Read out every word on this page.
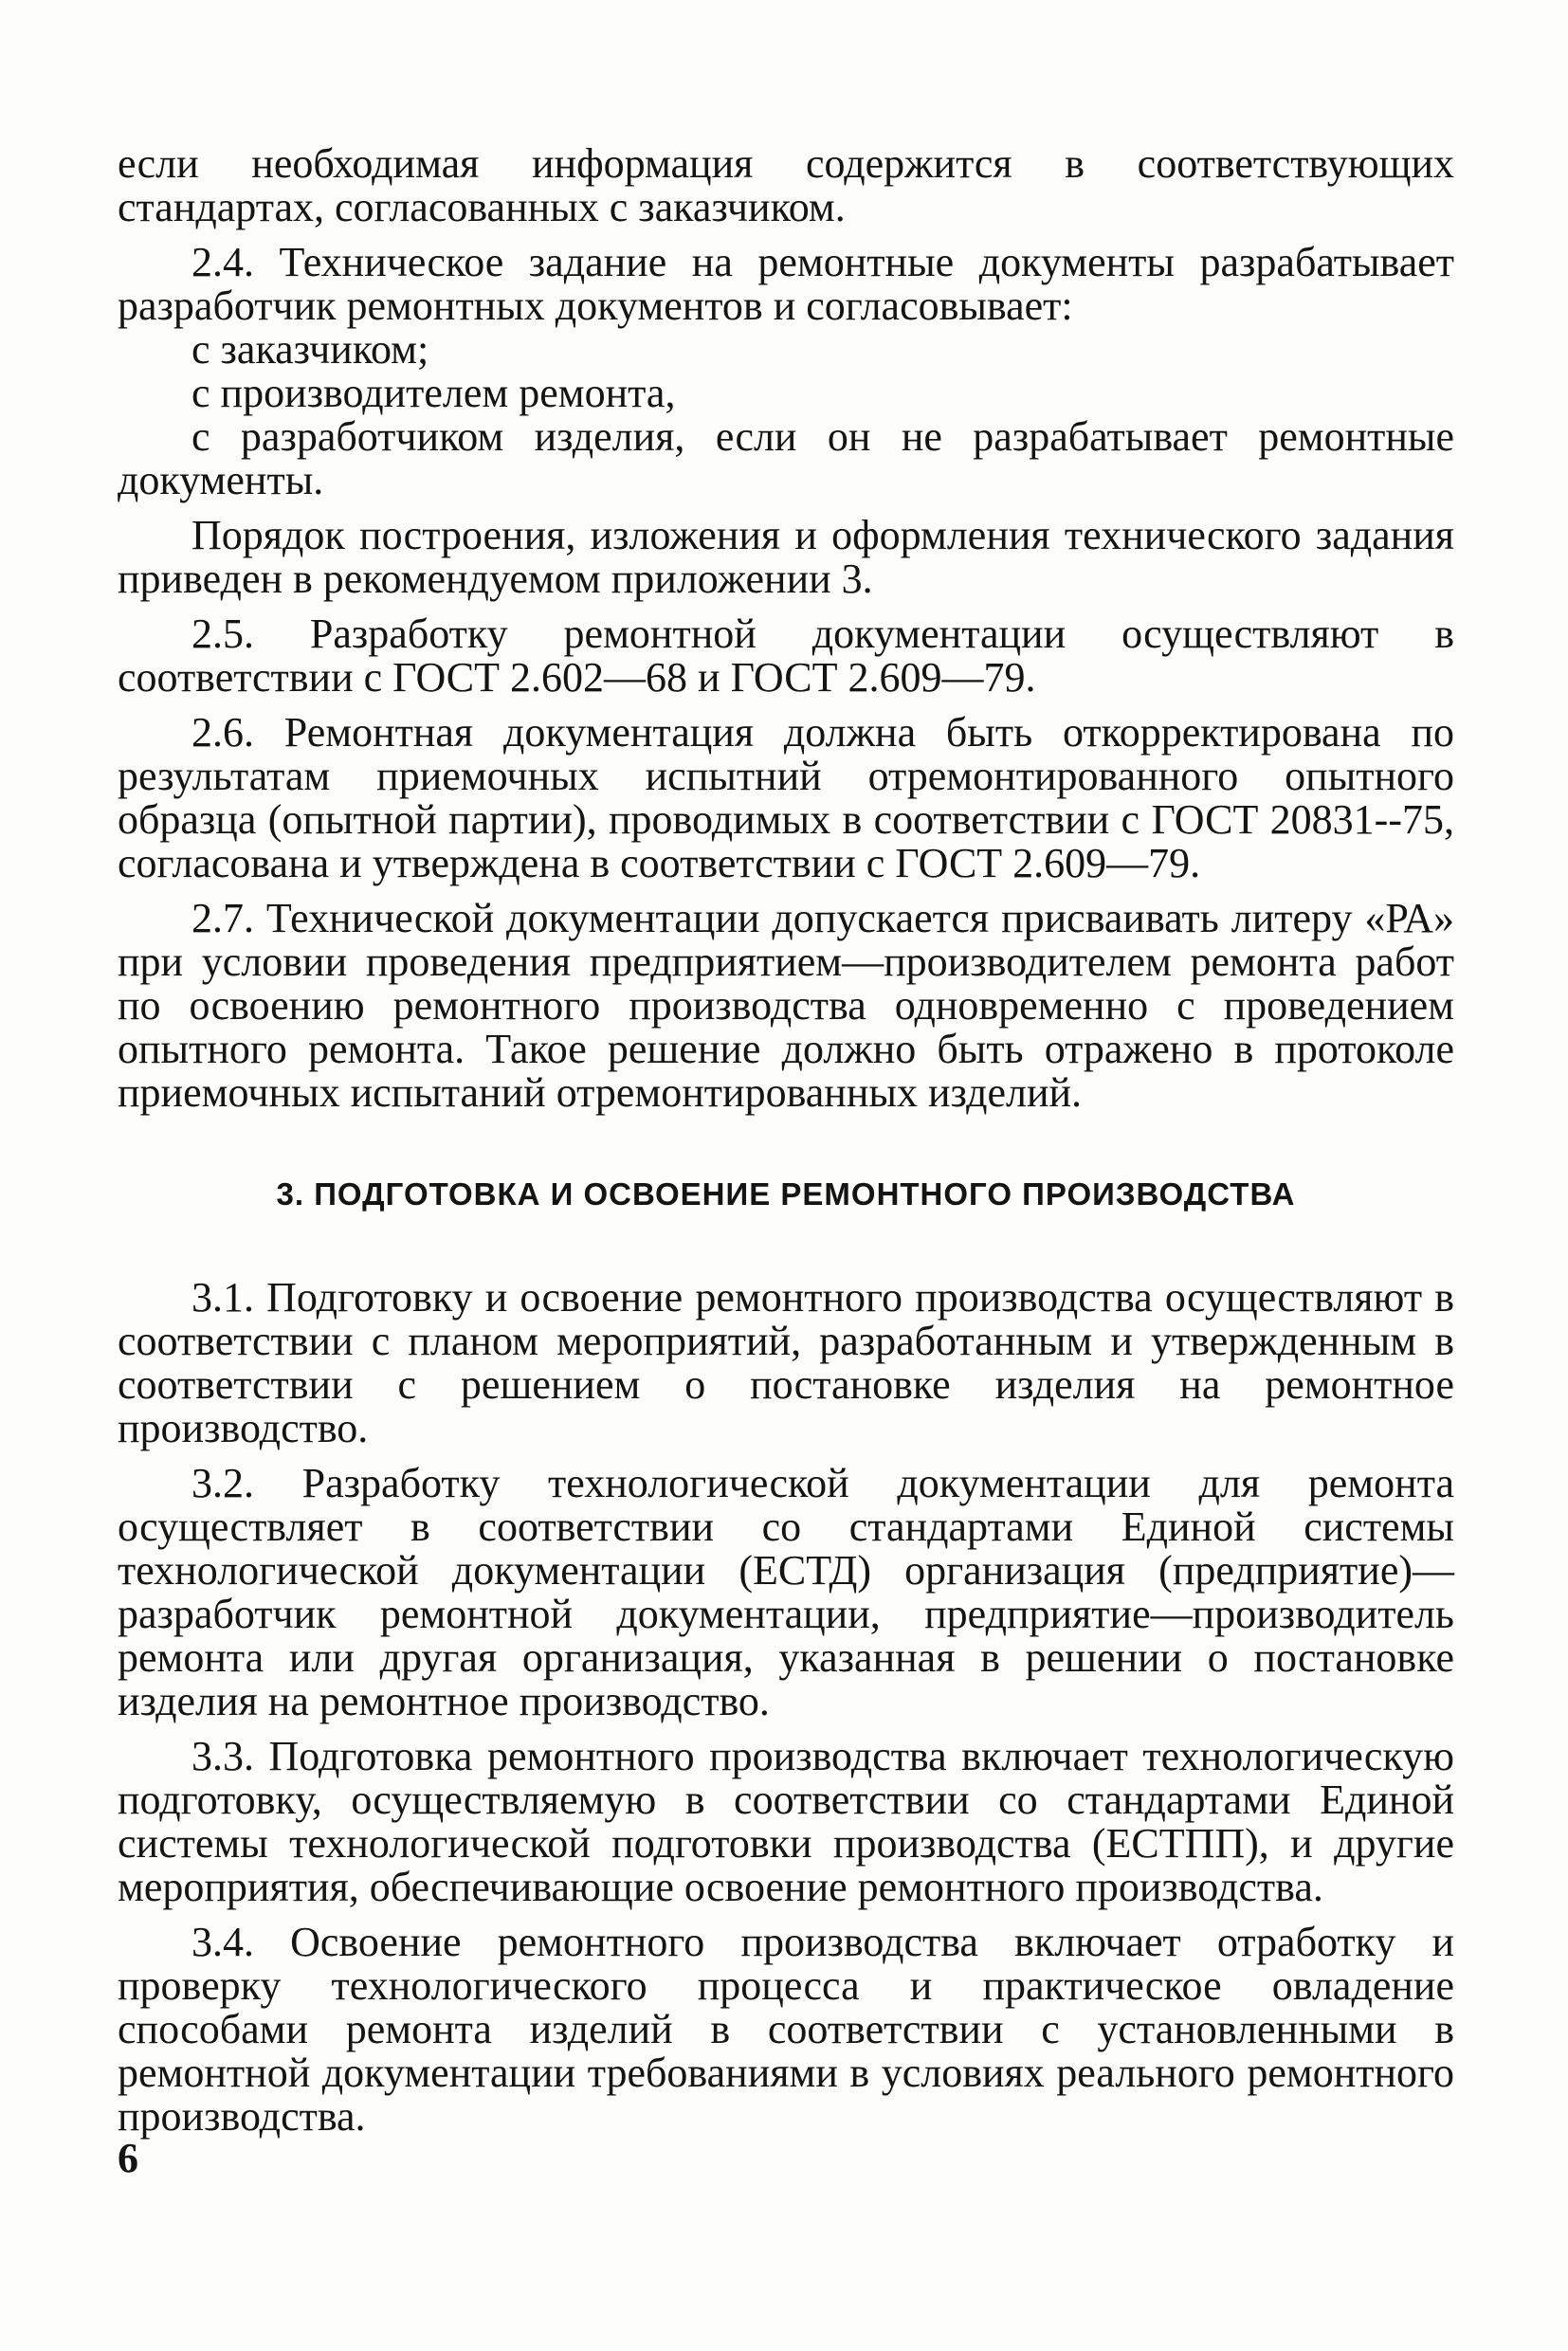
если необходимая информация содержится в соответствующих стандартах, согласованных с заказчиком.

2.4. Техническое задание на ремонтные документы разрабатывает разработчик ремонтных документов и согласовывает:

с заказчиком;

с производителем ремонта,

с разработчиком изделия, если он не разрабатывает ремонтные документы.

Порядок построения, изложения и оформления технического задания приведен в рекомендуемом приложении 3.

2.5. Разработку ремонтной документации осуществляют в соответствии с ГОСТ 2.602—68 и ГОСТ 2.609—79.

2.6. Ремонтная документация должна быть откорректирована по результатам приемочных испытний отремонтированного опытного образца (опытной партии), проводимых в соответствии с ГОСТ 20831--75, согласована и утверждена в соответствии с ГОСТ 2.609—79.

2.7. Технической документации допускается присваивать литеру «РА» при условии проведения предприятием—производителем ремонта работ по освоению ремонтного производства одновременно с проведением опытного ремонта. Такое решение должно быть отражено в протоколе приемочных испытаний отремонтированных изделий.

3. ПОДГОТОВКА И ОСВОЕНИЕ РЕМОНТНОГО ПРОИЗВОДСТВА

3.1. Подготовку и освоение ремонтного производства осуществляют в соответствии с планом мероприятий, разработанным и утвержденным в соответствии с решением о постановке изделия на ремонтное производство.

3.2. Разработку технологической документации для ремонта осуществляет в соответствии со стандартами Единой системы технологической документации (ЕСТД) организация (предприятие)—разработчик ремонтной документации, предприятие—производитель ремонта или другая организация, указанная в решении о постановке изделия на ремонтное производство.

3.3. Подготовка ремонтного производства включает технологическую подготовку, осуществляемую в соответствии со стандартами Единой системы технологической подготовки производства (ЕСТПП), и другие мероприятия, обеспечивающие освоение ремонтного производства.

3.4. Освоение ремонтного производства включает отработку и проверку технологического процесса и практическое овладение способами ремонта изделий в соответствии с установленными в ремонтной документации требованиями в условиях реального ремонтного производства.

6
